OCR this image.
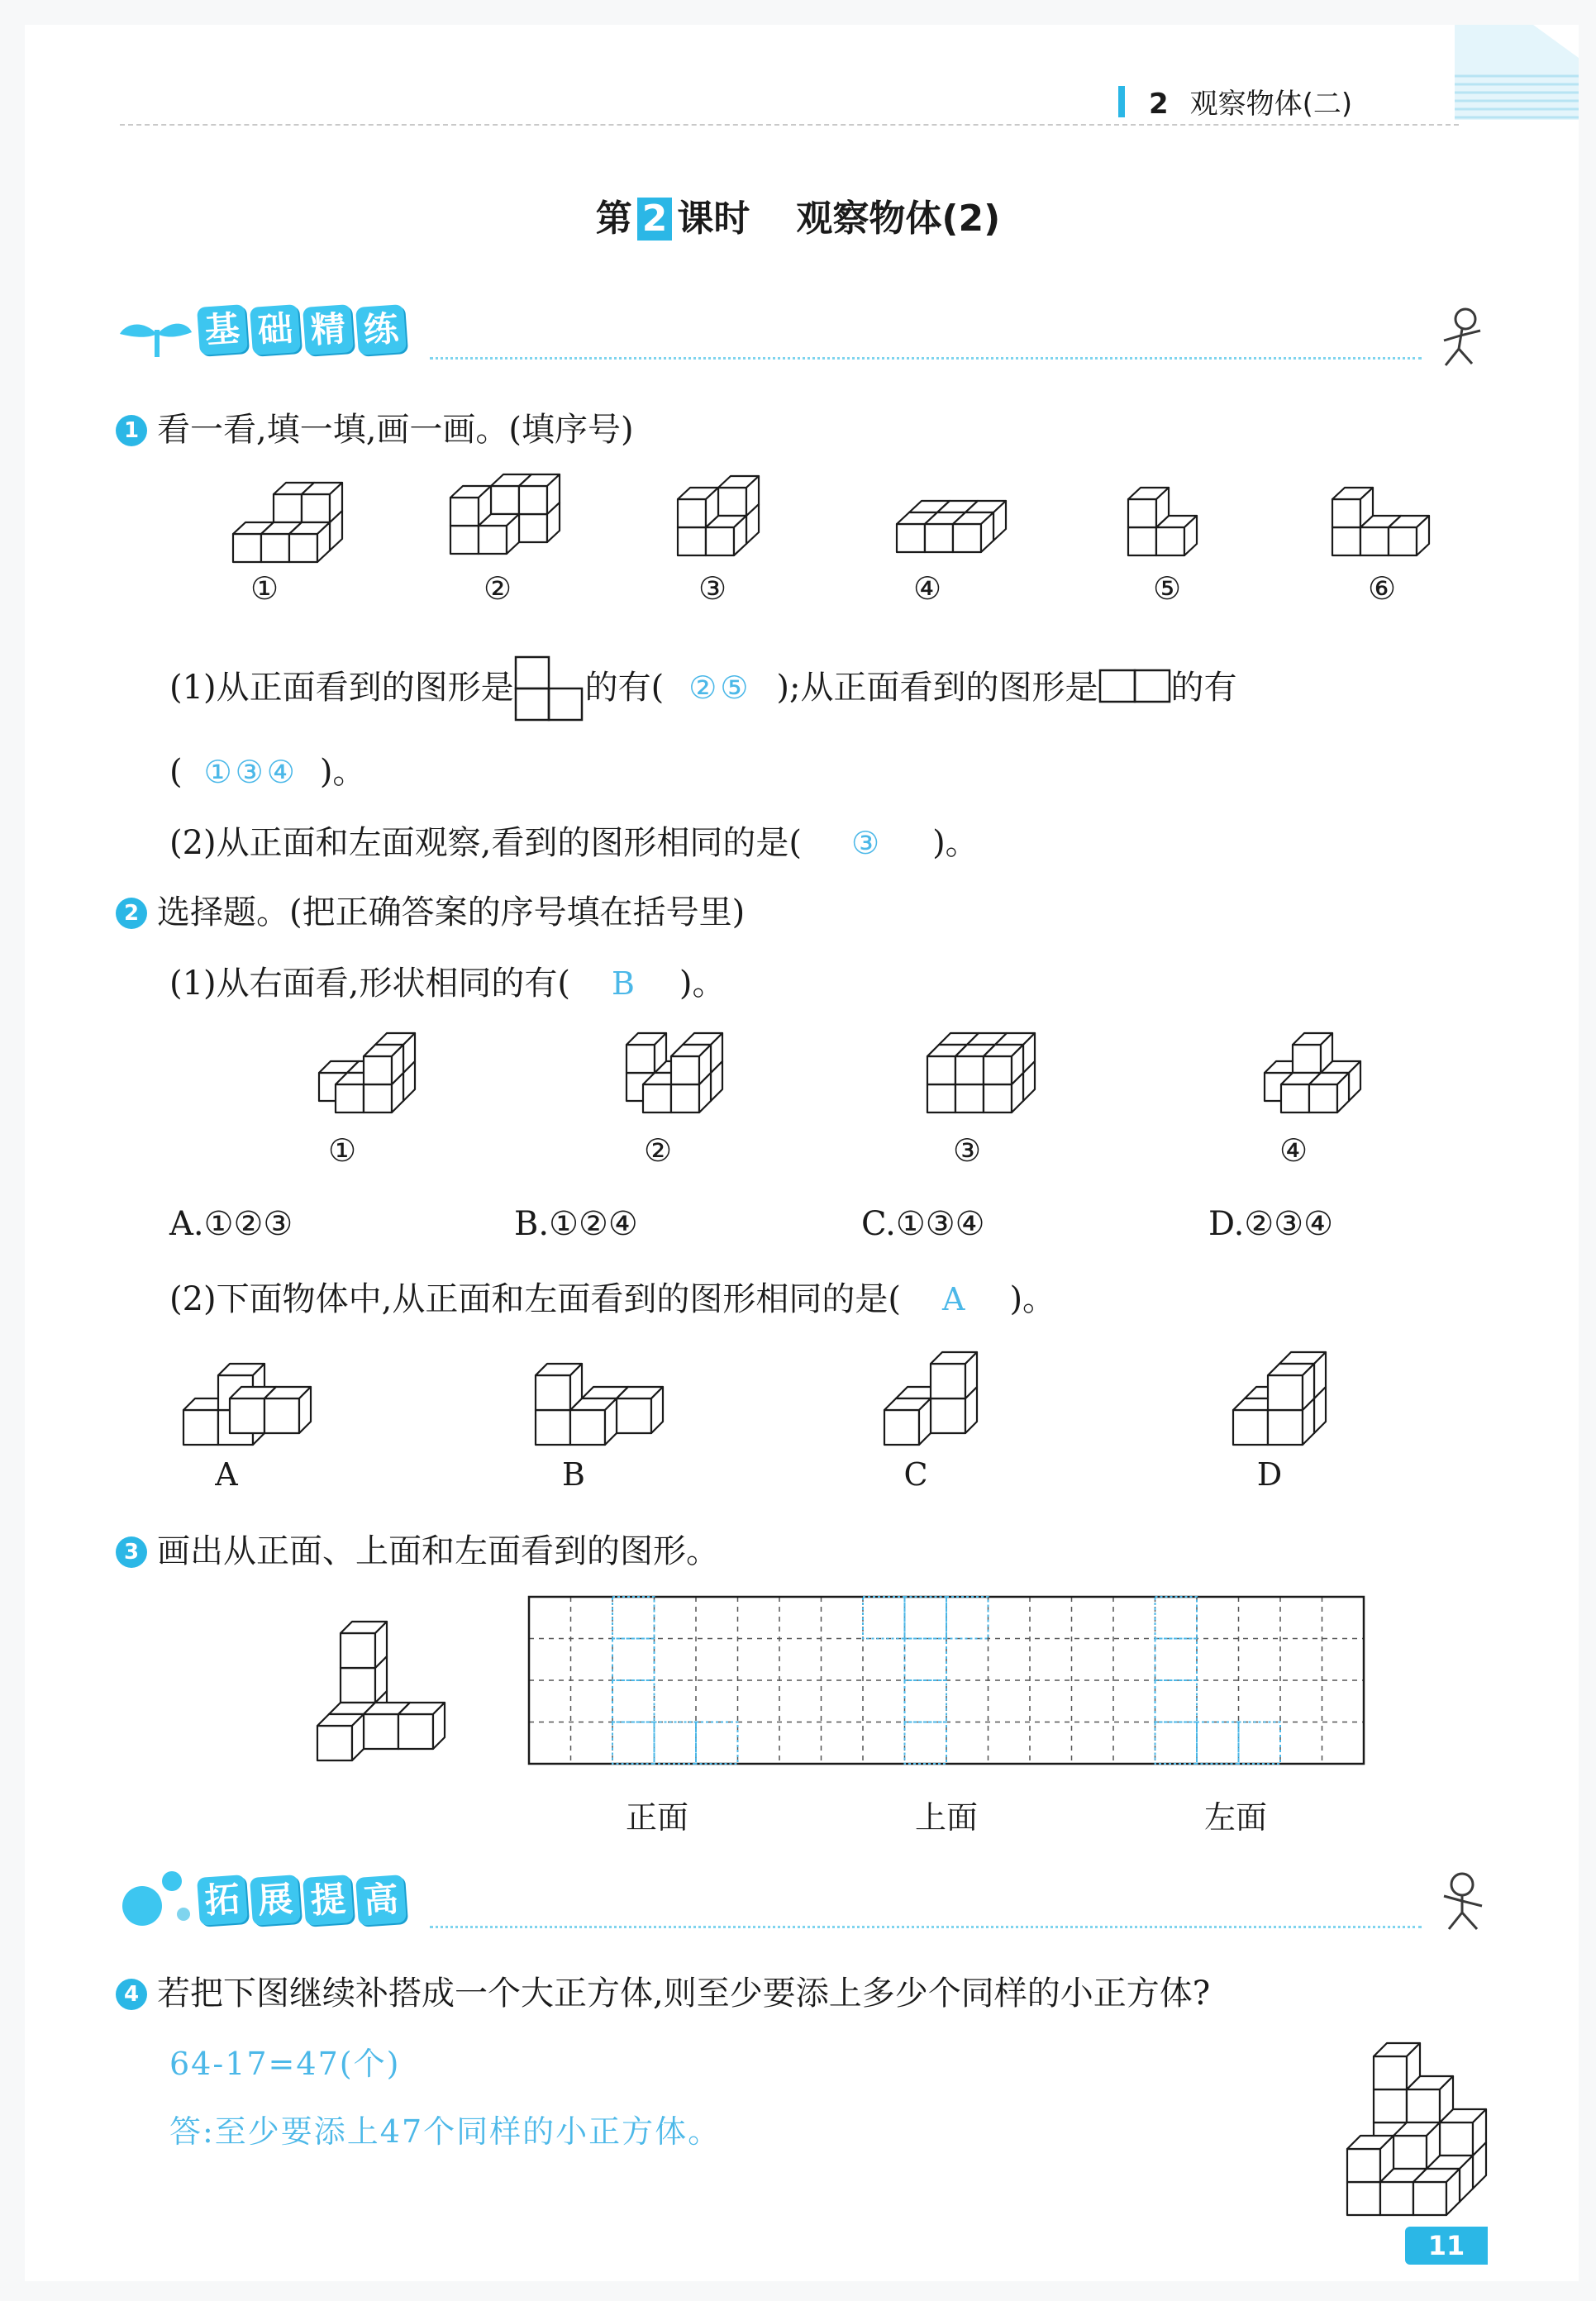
2 观察物体(二)
第 2 课时 观察物体(2)
基 础 精 练
1 看一看,填一填,画一画。(填序号)
①	②	③	④	⑤	⑥
(1)从正面看到的图形是 的有( ②⑤ );从正面看到的图形是 的有
( ①③④ )。
(2)从正面和左面观察,看到的图形相同的是( ③ )。
2 选择题。(把正确答案的序号填在括号里)
(1)从右面看,形状相同的有( B )。
①	②	③	④
A.①②③	B.①②④	C.①③④	D.②③④
(2)下面物体中,从正面和左面看到的图形相同的是( A )。
A	B	C	D
3 画出从正面、上面和左面看到的图形。
正面	上面	左面
拓 展 提 高
4 若把下图继续补搭成一个大正方体,则至少要添上多少个同样的小正方体?
64-17=47(个)
答:至少要添上47个同样的小正方体。
11
